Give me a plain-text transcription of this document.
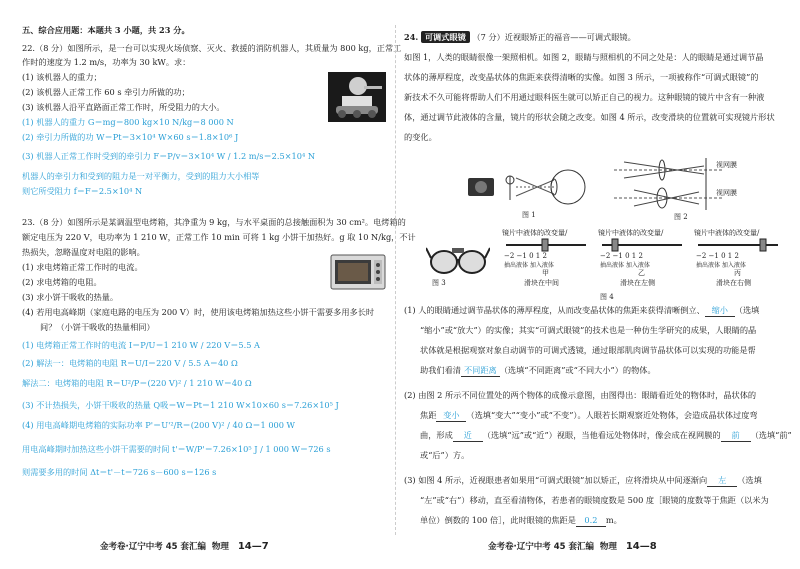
五、综合应用题：本题共 3 小题，共 23 分。
22.（8 分）如图所示，是一台可以实现火场侦察、灭火、救援的消防机器人，其质量为 800 kg，正常工
作时的速度为 1.2 m/s，功率为 30 kW。求：
(1) 该机器人的重力；
(2) 该机器人正常工作 60 s 牵引力所做的功；
(3) 该机器人沿平直路面正常工作时，所受阻力的大小。
(1) 机器人的重力 G＝mg＝800 kg×10 N/kg＝8 000 N
(2) 牵引力所做的功 W＝Pt＝3×10⁴ W×60 s＝1.8×10⁶ J
(3) 机器人正常工作时受到的牵引力 F＝P/v＝3×10⁴ W / 1.2 m/s＝2.5×10⁴ N
机器人的牵引力和受到的阻力是一对平衡力，受到的阻力大小相等
则它所受阻力 f＝F＝2.5×10⁴ N
23.（8 分）如图所示是某调温型电烤箱，其净重为 9 kg，与水平桌面的总接触面积为 30 cm²。电烤箱的
额定电压为 220 V，电功率为 1 210 W，正常工作 10 min 可将 1 kg 小饼干加热好。g 取 10 N/kg，不计
热损失，忽略温度对电阻的影响。
(1) 求电烤箱正常工作时的电流。
(2) 求电烤箱的电阻。
(3) 求小饼干吸收的热量。
(4) 若用电高峰期（家庭电路的电压为 200 V）时，使用该电烤箱加热这些小饼干需要多用多长时
间？（小饼干吸收的热量相同）
(1) 电烤箱正常工作时的电流 I＝P/U＝1 210 W / 220 V＝5.5 A
(2) 解法一：电烤箱的电阻 R＝U/I＝220 V / 5.5 A＝40 Ω
解法二：电烤箱的电阻 R＝U²/P＝(220 V)² / 1 210 W＝40 Ω
(3) 不计热损失，小饼干吸收的热量 Q吸＝W＝Pt＝1 210 W×10×60 s＝7.26×10⁵ J
(4) 用电高峰期电烤箱的实际功率 P'＝U'²/R＝(200 V)² / 40 Ω＝1 000 W
用电高峰期时加热这些小饼干需要的时间 t'＝W/P'＝7.26×10⁵ J / 1 000 W＝726 s
则需要多用的时间 Δt＝t'－t＝726 s－600 s＝126 s
金考卷·辽宁中考 45 套汇编 物理 14—7
24. 可调式眼镜 （7 分）近视眼矫正的福音——可调式眼镜。
如图 1，人类的眼睛很像一架照相机。如图 2，眼睛与照相机的不同之处是：人的眼睛是通过调节晶
状体的薄厚程度，改变晶状体的焦距来获得清晰的实像。如图 3 所示，一项被称作“可调式眼镜”的
新技术不久可能将帮助人们不用通过眼科医生就可以矫正自己的视力。这种眼镜的镜片中含有一种液
体，通过调节此液体的含量，镜片的形状会随之改变。如图 4 所示，改变滑块的位置就可实现镜片形状
的变化。
图 1
视网膜
视网膜
图 2
图 3
镜片中液体的改变量/
−2 −1 0 1 2
抽出液体 加入液体
甲
滑块在中间
镜片中液体的改变量/
−2 −1 0 1 2
抽出液体 加入液体
乙
滑块在左侧
镜片中液体的改变量/
−2 −1 0 1 2
抽出液体 加入液体
丙
滑块在右侧
图 4
(1) 人的眼睛通过调节晶状体的薄厚程度，从而改变晶状体的焦距来获得清晰倒立、 缩小 （选填
“缩小”或“放大”）的实像；其实“可调式眼镜”的技术也是一种仿生学研究的成果，人眼睛的晶
状体就是根据观察对象自动调节的可调式透镜，通过眼部肌肉调节晶状体可以实现的功能是帮
助我们看清 不同距离 （选填“不同距离”或“不同大小”）的物体。
(2) 由图 2 所示不同位置处的两个物体的成像示意图，由图得出：眼睛看近处的物体时，晶状体的
焦距 变小 （选填“变大”“变小”或“不变”）。人眼若长期观察近处物体，会造成晶状体过度弯
曲，形成 近 （选填“远”或“近”）视眼，当他看远处物体时，像会成在视网膜的 前 （选填“前”
或“后”）方。
(3) 如图 4 所示，近视眼患者如果用“可调式眼镜”加以矫正，应将滑块从中间逐渐向 左 （选填
“左”或“右”）移动，直至看清物体，若患者的眼镜度数是 500 度［眼镜的度数等于焦距（以米为
单位）倒数的 100 倍］，此时眼镜的焦距是 0.2 m。
金考卷·辽宁中考 45 套汇编 物理 14—8
